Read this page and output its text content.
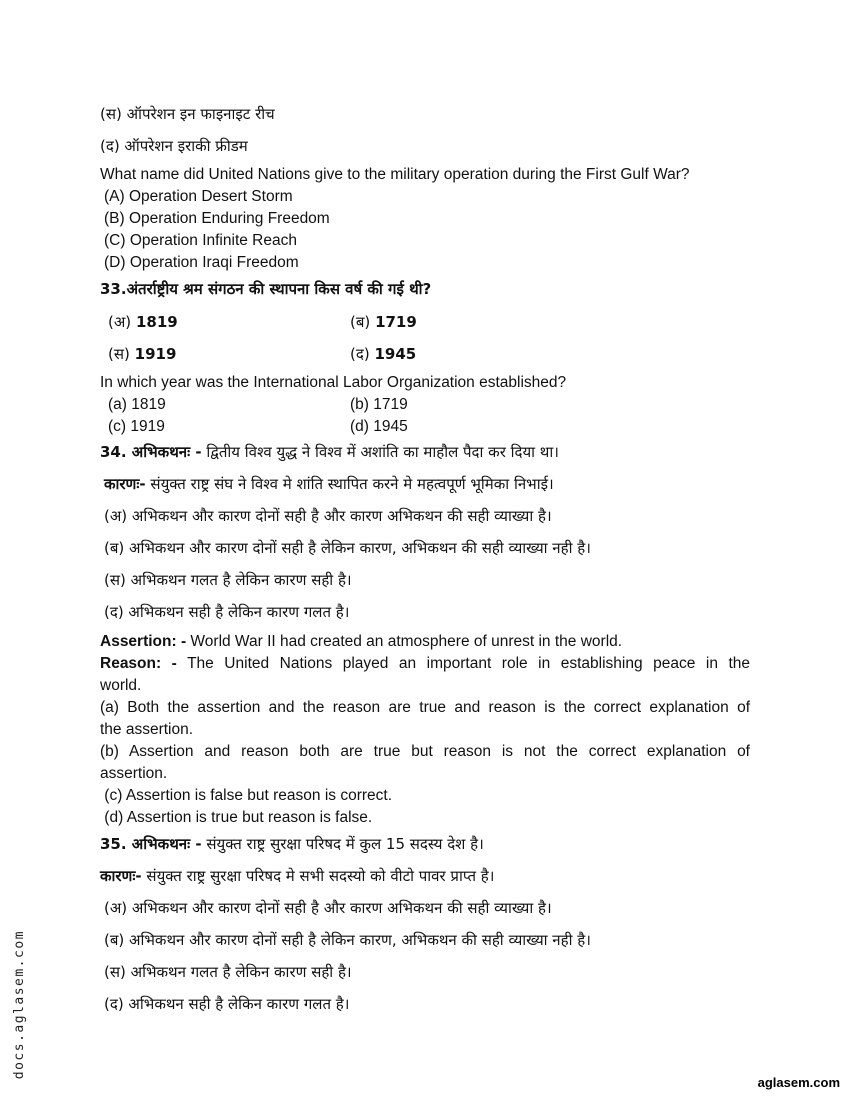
(स) ऑपरेशन इन फाइनाइट रीच
(द) ऑपरेशन इराकी फ्रीडम
What name did United Nations give to the military operation during the First Gulf War?
(A) Operation Desert Storm
(B) Operation Enduring Freedom
(C) Operation Infinite Reach
(D) Operation Iraqi Freedom
33.अंतर्राष्ट्रीय श्रम संगठन की स्थापना किस वर्ष की गई थी?
(अ) 1819	(ब) 1719
(स) 1919	(द) 1945
In which year was the International Labor Organization established?
(a) 1819	(b) 1719
(c) 1919	(d) 1945
34. अभिकथनः - द्वितीय विश्व युद्ध ने विश्व में अशांति का माहौल पैदा कर दिया था।
कारणः- संयुक्त राष्ट्र संघ ने विश्व मे शांति स्थापित करने मे महत्वपूर्ण भूमिका निभाई।
(अ) अभिकथन और कारण दोनों सही है और कारण अभिकथन की सही व्याख्या है।
(ब) अभिकथन और कारण दोनों सही है लेकिन कारण, अभिकथन की सही व्याख्या नही है।
(स) अभिकथन गलत है लेकिन कारण सही है।
(द) अभिकथन सही है लेकिन कारण गलत है।
Assertion: - World War II had created an atmosphere of unrest in the world.
Reason: - The United Nations played an important role in establishing peace in the
world.
(a) Both the assertion and the reason are true and reason is the correct explanation of
the assertion.
(b) Assertion and reason both are true but reason is not the correct explanation of
assertion.
(c) Assertion is false but reason is correct.
(d) Assertion is true but reason is false.
35. अभिकथनः - संयुक्त राष्ट्र सुरक्षा परिषद में कुल 15 सदस्य देश है।
कारणः- संयुक्त राष्ट्र सुरक्षा परिषद मे सभी सदस्यो को वीटो पावर प्राप्त है।
(अ) अभिकथन और कारण दोनों सही है और कारण अभिकथन की सही व्याख्या है।
(ब) अभिकथन और कारण दोनों सही है लेकिन कारण, अभिकथन की सही व्याख्या नही है।
(स) अभिकथन गलत है लेकिन कारण सही है।
(द) अभिकथन सही है लेकिन कारण गलत है।
docs.aglasem.com
aglasem.com
